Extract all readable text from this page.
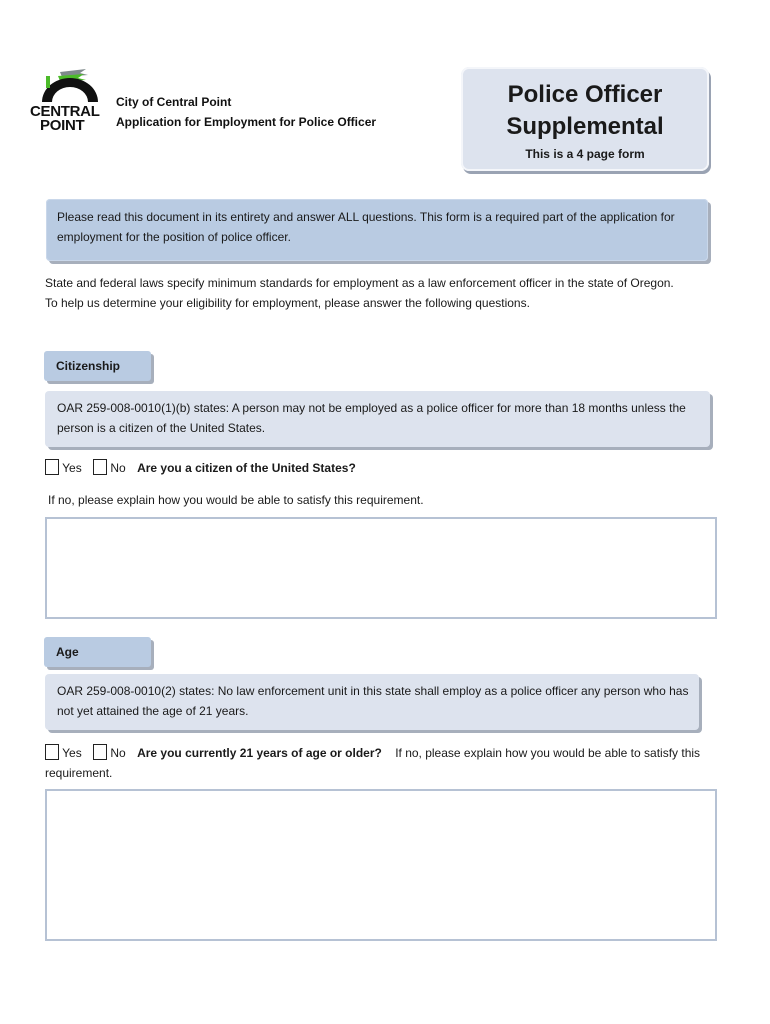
CENTRAL
POINT
City of Central Point
Application for Employment for Police Officer
Police Officer
Supplemental
This is a 4 page form
Please read this document in its entirety and answer ALL questions. This form is a required part of the application for employment for the position of police officer.
State and federal laws specify minimum standards for employment as a law enforcement officer in the state of Oregon.
To help us determine your eligibility for employment, please answer the following questions.
Citizenship
OAR 259-008-0010(1)(b) states: A person may not be employed as a police officer for more than 18 months unless the person is a citizen of the United States.
Yes No Are you a citizen of the United States?
If no, please explain how you would be able to satisfy this requirement.
Age
OAR 259-008-0010(2) states: No law enforcement unit in this state shall employ as a police officer any person who has not yet attained the age of 21 years.
Yes No Are you currently 21 years of age or older? If no, please explain how you would be able to satisfy this
requirement.
